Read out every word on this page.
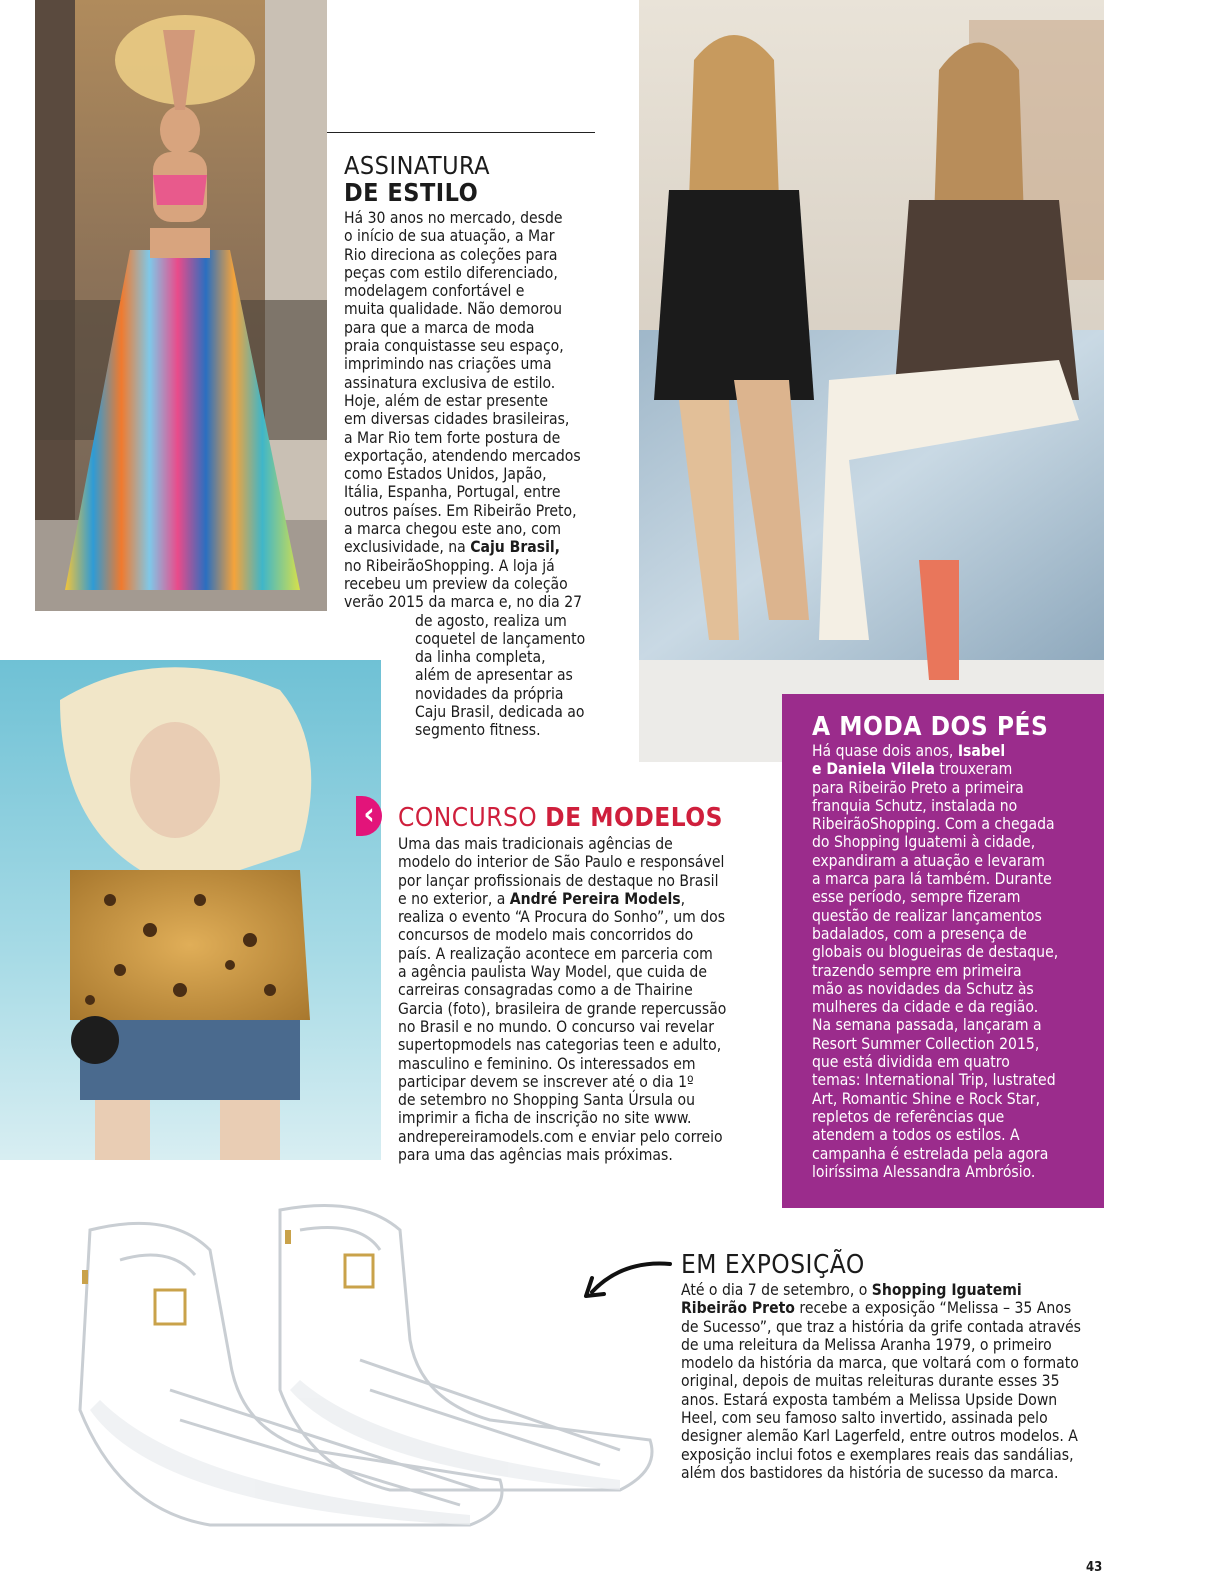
ASSINATURA
DE ESTILO
Há 30 anos no mercado, desde
o início de sua atuação, a Mar
Rio direciona as coleções para
peças com estilo diferenciado,
modelagem confortável e
muita qualidade. Não demorou
para que a marca de moda
praia conquistasse seu espaço,
imprimindo nas criações uma
assinatura exclusiva de estilo.
Hoje, além de estar presente
em diversas cidades brasileiras,
a Mar Rio tem forte postura de
exportação, atendendo mercados
como Estados Unidos, Japão,
Itália, Espanha, Portugal, entre
outros países. Em Ribeirão Preto,
a marca chegou este ano, com
exclusividade, na Caju Brasil,
no RibeirãoShopping. A loja já
recebeu um preview da coleção
verão 2015 da marca e, no dia 27
de agosto, realiza um
coquetel de lançamento
da linha completa,
além de apresentar as
novidades da própria
Caju Brasil, dedicada ao
segmento fitness.	A MODA DOS PÉS
Há quase dois anos, Isabel
e Daniela Vilela trouxeram
para Ribeirão Preto a primeira
franquia Schutz, instalada no
RibeirãoShopping. Com a chegada
do Shopping Iguatemi à cidade,
expandiram a atuação e levaram
a marca para lá também. Durante
esse período, sempre fizeram
questão de realizar lançamentos
badalados, com a presença de
globais ou blogueiras de destaque,
trazendo sempre em primeira
mão as novidades da Schutz às
mulheres da cidade e da região.
Na semana passada, lançaram a
Resort Summer Collection 2015,
que está dividida em quatro
temas: International Trip, lustrated
Art, Romantic Shine e Rock Star,
repletos de referências que
atendem a todos os estilos. A
campanha é estrelada pela agora
loiríssima Alessandra Ambrósio.
‹ CONCURSO DE MODELOS
Uma das mais tradicionais agências de
modelo do interior de São Paulo e responsável
por lançar profissionais de destaque no Brasil
e no exterior, a André Pereira Models,
realiza o evento “A Procura do Sonho”, um dos
concursos de modelo mais concorridos do
país. A realização acontece em parceria com
a agência paulista Way Model, que cuida de
carreiras consagradas como a de Thairine
Garcia (foto), brasileira de grande repercussão
no Brasil e no mundo. O concurso vai revelar
supertopmodels nas categorias teen e adulto,
masculino e feminino. Os interessados em
participar devem se inscrever até o dia 1º
de setembro no Shopping Santa Úrsula ou
imprimir a ficha de inscrição no site www.
andrepereiramodels.com e enviar pelo correio
para uma das agências mais próximas.
EM EXPOSIÇÃO
Até o dia 7 de setembro, o Shopping Iguatemi
Ribeirão Preto recebe a exposição “Melissa – 35 Anos
de Sucesso”, que traz a história da grife contada através
de uma releitura da Melissa Aranha 1979, o primeiro
modelo da história da marca, que voltará com o formato
original, depois de muitas releituras durante esses 35
anos. Estará exposta também a Melissa Upside Down
Heel, com seu famoso salto invertido, assinada pelo
designer alemão Karl Lagerfeld, entre outros modelos. A
exposição inclui fotos e exemplares reais das sandálias,
além dos bastidores da história de sucesso da marca.
43
